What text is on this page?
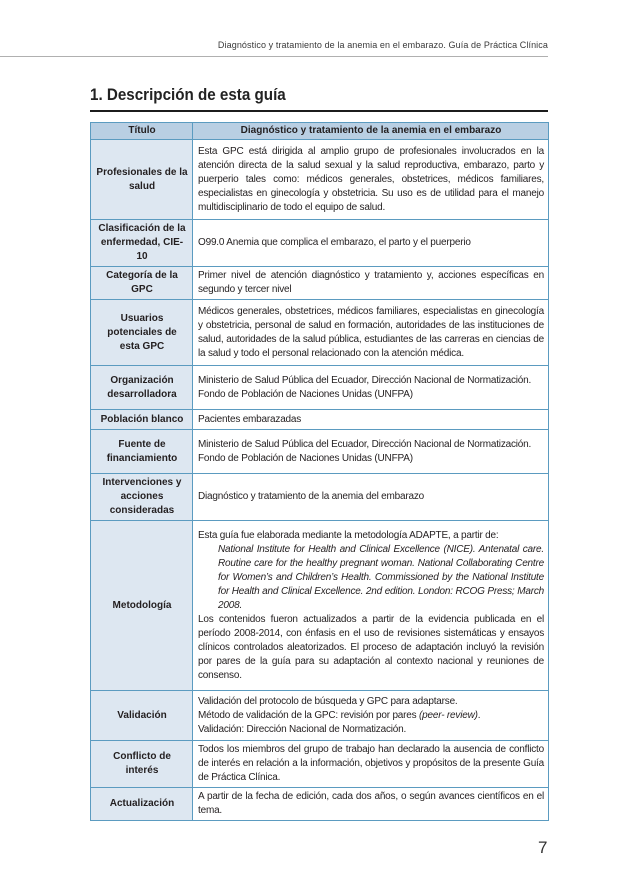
Diagnóstico y tratamiento de la anemia en el embarazo. Guía de Práctica Clínica
1. Descripción de esta guía
Título	Diagnóstico y tratamiento de la anemia en el embarazo
Profesionales de la salud	Esta GPC está dirigida al amplio grupo de profesionales involucrados en la atención directa de la salud sexual y la salud reproductiva, embarazo, parto y puerperio tales como: médicos generales, obstetrices, médicos familiares, especialistas en ginecología y obstetricia. Su uso es de utilidad para el manejo multidisciplinario de todo el equipo de salud.
Clasificación de la enfermedad, CIE- 10	O99.0 Anemia que complica el embarazo, el parto y el puerperio
Categoría de la GPC	Primer nivel de atención diagnóstico y tratamiento y, acciones específicas en segundo y tercer nivel
Usuarios potenciales de esta GPC	Médicos generales, obstetrices, médicos familiares, especialistas en ginecología y obstetricia, personal de salud en formación, autoridades de las instituciones de salud, autoridades de la salud pública, estudiantes de las carreras en ciencias de la salud y todo el personal relacionado con la atención médica.
Organización desarrolladora	Ministerio de Salud Pública del Ecuador, Dirección Nacional de Normatización.
Fondo de Población de Naciones Unidas (UNFPA)

Población blanco	Pacientes embarazadas
Fuente de financiamiento	Ministerio de Salud Pública del Ecuador, Dirección Nacional de Normatización.
Fondo de Población de Naciones Unidas (UNFPA)

Intervenciones y acciones consideradas	Diagnóstico y tratamiento de la anemia del embarazo
Metodología	Esta guía fue elaborada mediante la metodología ADAPTE, a partir de:
National Institute for Health and Clinical Excellence (NICE). Antenatal care. Routine care for the healthy pregnant woman. National Collaborating Centre for Women’s and Children’s Health. Commissioned by the National Institute for Health and Clinical Excellence. 2nd edition. London: RCOG Press; March 2008.
Los contenidos fueron actualizados a partir de la evidencia publicada en el período 2008-2014, con énfasis en el uso de revisiones sistemáticas y ensayos clínicos controlados aleatorizados. El proceso de adaptación incluyó la revisión por pares de la guía para su adaptación al contexto nacional y reuniones de consenso.

Validación	Validación del protocolo de búsqueda y GPC para adaptarse.
Método de validación de la GPC: revisión por pares (peer- review).
Validación: Dirección Nacional de Normatización.

Conflicto de interés	Todos los miembros del grupo de trabajo han declarado la ausencia de conflicto de interés en relación a la información, objetivos y propósitos de la presente Guía de Práctica Clínica.
Actualización	A partir de la fecha de edición, cada dos años, o según avances científicos en el tema.
7
